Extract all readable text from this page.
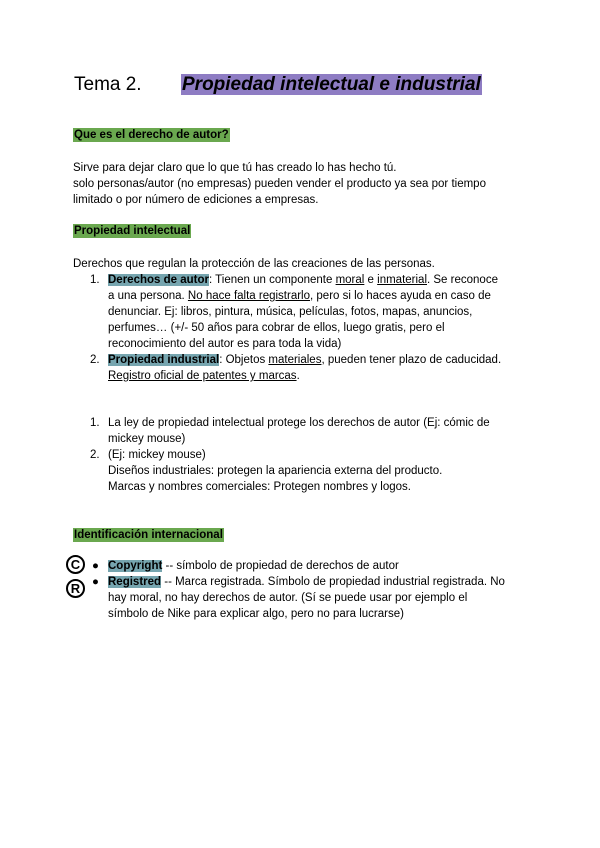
Tema 2. Propiedad intelectual e industrial
Que es el derecho de autor?
Sirve para dejar claro que lo que tú has creado lo has hecho tú.
solo personas/autor (no empresas) pueden vender el producto ya sea por tiempo
limitado o por número de ediciones a empresas.
Propiedad intelectual
Derechos que regulan la protección de las creaciones de las personas.
1. Derechos de autor: Tienen un componente moral e inmaterial. Se reconoce
a una persona. No hace falta registrarlo, pero si lo haces ayuda en caso de
denunciar. Ej: libros, pintura, música, películas, fotos, mapas, anuncios,
perfumes… (+/- 50 años para cobrar de ellos, luego gratis, pero el
reconocimiento del autor es para toda la vida)
2. Propiedad industrial: Objetos materiales, pueden tener plazo de caducidad.
Registro oficial de patentes y marcas.
1. La ley de propiedad intelectual protege los derechos de autor (Ej: cómic de
mickey mouse)
2. (Ej: mickey mouse)
Diseños industriales: protegen la apariencia externa del producto.
Marcas y nombres comerciales: Protegen nombres y logos.
Identificación internacional
C
R
● Copyright -- símbolo de propiedad de derechos de autor
● Registred -- Marca registrada. Símbolo de propiedad industrial registrada. No
hay moral, no hay derechos de autor. (Sí se puede usar por ejemplo el
símbolo de Nike para explicar algo, pero no para lucrarse)
